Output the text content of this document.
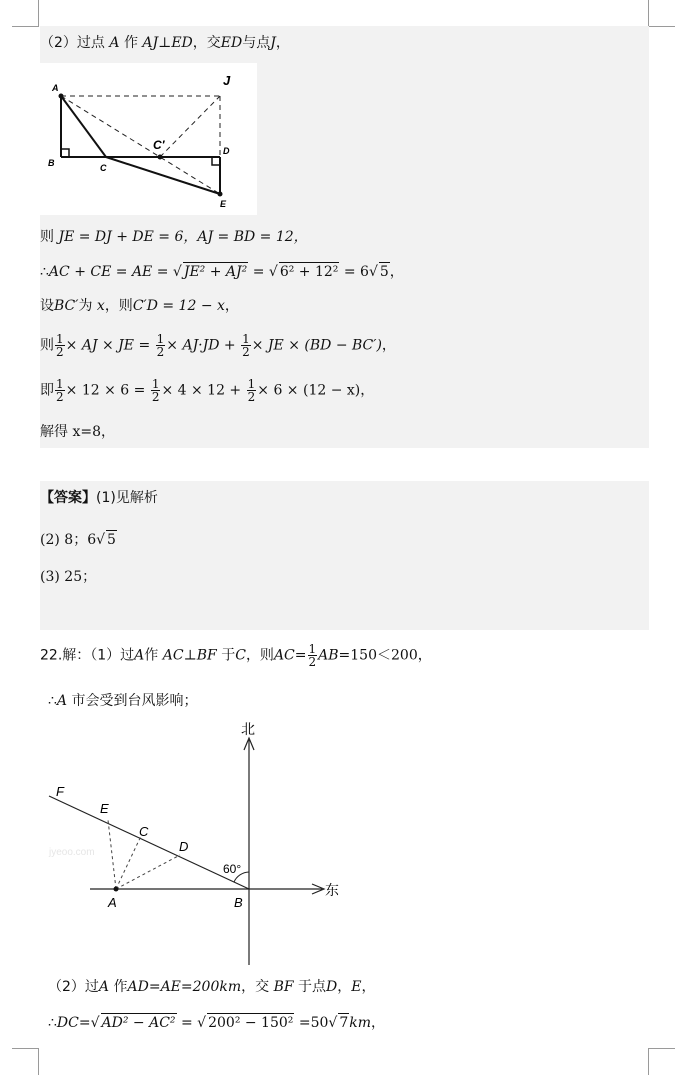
（2）过点 A 作 AJ⊥ED，交ED与点J，
A	J
B	C
C′	D
E
则 JE = DJ + DE = 6，AJ = BD = 12，
∴AC + CE = AE = √ JE² + AJ² = √ 6² + 12² = 6√ 5，
设BC′为 x，则C′D = 12 − x，
则 $\frac{1}{2}$ × AJ × JE = $\frac{1}{2} \times AJ\cdot JD + \frac{1}{2}$ × JE × (BD − BC′)，
即 $\frac{1}{2} \times 12 \times 6 = \frac{1}{2} \times 4 \times 12 + \frac{1}{2} \times 6 \times (12 - x)$，
解得 x=8，
【答案】(1)见解析
(2) 8；6√ 5
(3) 25；
22.解：（1）过A作 AC⊥BF 于C，则$AC= \frac{1}{2} AB=150<200$，
∴A 市会受到台风影响；
北
东
F
E
C
D
A	B
60°
jyeoo.com
（2）过A 作AD=AE=200km，交 BF 于点D，E，
∴DC=√ AD² − AC² = √ 200² − 150² =50√ 7km，
